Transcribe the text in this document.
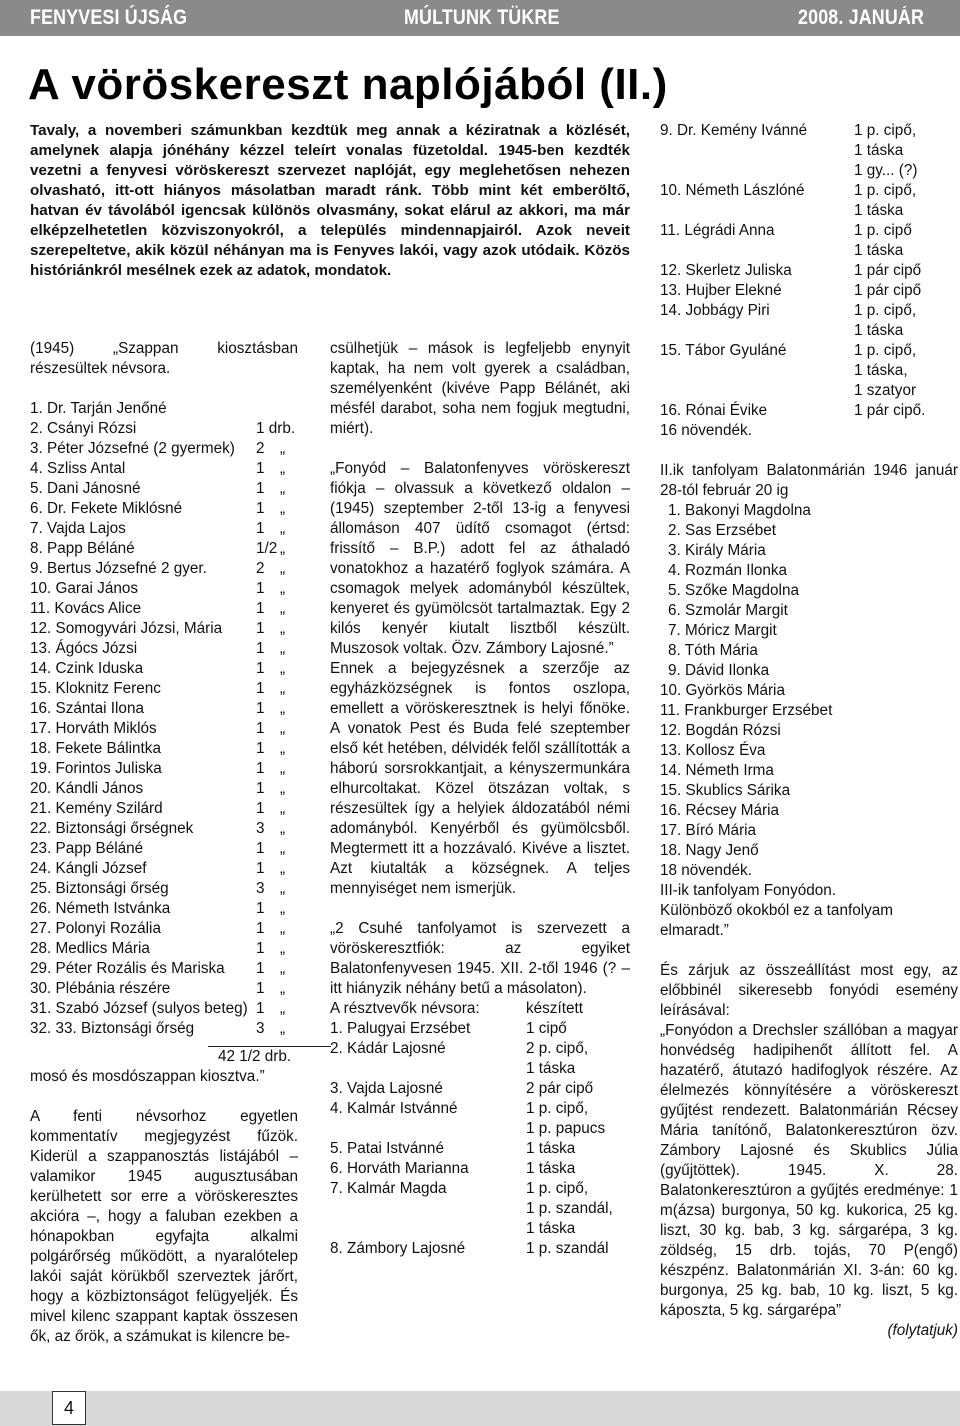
FENYVESI ÚJSÁG	MÚLTUNK TÜKRE	2008. JANUÁR
A vöröskereszt naplójából (II.)

Tavaly, a novemberi számunkban kezdtük meg annak a kéziratnak a közlését, amelynek alapja jónéhány kézzel teleírt vonalas füzetoldal. 1945-ben kezdték vezetni a fenyvesi vöröskereszt szervezet naplóját, egy meglehetősen nehezen olvasható, itt-ott hiányos másolatban maradt ránk. Több mint két emberöltő, hatvan év távolából igencsak különös olvasmány, sokat elárul az akkori, ma már elképzelhetetlen közviszonyokról, a település mindennapjairól. Azok neveit szerepeltetve, akik közül néhányan ma is Fenyves lakói, vagy azok utódaik. Közös históriánkról mesélnek ezek az adatok, mondatok.

(1945) „Szappan kiosztásban részesültek névsora.

1. Dr. Tarján Jenőné
2. Csányi Rózsi	1 drb.
3. Péter Józsefné (2 gyermek) 2 „
4. Szliss Antal	1 „
5. Dani Jánosné	1 „
6. Dr. Fekete Miklósné	1 „
7. Vajda Lajos	1 „
8. Papp Béláné	1/2 „
9. Bertus Józsefné 2 gyer.	2 „
10. Garai János	1 „
11. Kovács Alice	1 „
12. Somogyvári Józsi, Mária 1 „
13. Ágócs Józsi	1 „
14. Czink Iduska	1 „
15. Kloknitz Ferenc	1 „
16. Szántai Ilona	1 „
17. Horváth Miklós	1 „
18. Fekete Bálintka	1 „
19. Forintos Juliska	1 „
20. Kándli János	1 „
21. Kemény Szilárd	1 „
22. Biztonsági őrségnek	3 „
23. Papp Béláné	1 „
24. Kángli József	1 „
25. Biztonsági őrség	3 „
26. Németh Istvánka	1 „
27. Polonyi Rozália	1 „
28. Medlics Mária	1 „
29. Péter Rozális és Mariska 1 „
30. Plébánia részére	1 „
31. Szabó József (sulyos beteg) 1 „
32. 33. Biztonsági őrség	3 „
42 1/2 drb.

mosó és mosdószappan kiosztva.”

A fenti névsorhoz egyetlen kommentatív megjegyzést fűzök. Kiderül a szappanosztás listájából – valamikor 1945 augusztusában kerülhetett sor erre a vöröskeresztes akcióra –, hogy a faluban ezekben a hónapokban egyfajta alkalmi polgárőrség működött, a nyaralótelep lakói saját körükből szerveztek járőrt, hogy a közbiztonságot felügyeljék. És mivel kilenc szappant kaptak összesen ők, az őrök, a számukat is kilencre be-

csülhetjük – mások is legfeljebb enynyit kaptak, ha nem volt gyerek a családban, személyenként (kivéve Papp Bélánét, aki mésfél darabot, soha nem fogjuk megtudni, miért).

„Fonyód – Balatonfenyves vöröskereszt fiókja – olvassuk a következő oldalon – (1945) szeptember 2-től 13-ig a fenyvesi állomáson 407 üdítő csomagot (értsd: frissítő – B.P.) adott fel az áthaladó vonatokhoz a hazatérő foglyok számára. A csomagok melyek adományból készültek, kenyeret és gyümölcsöt tartalmaztak. Egy 2 kilós kenyér kiutalt lisztből készült. Muszosok voltak. Özv. Zámbory Lajosné.”

Ennek a bejegyzésnek a szerzője az egyházközségnek is fontos oszlopa, emellett a vöröskeresztnek is helyi főnöke. A vonatok Pest és Buda felé szeptember első két hetében, délvidék felől szállították a háború sorsrokkantjait, a kényszermunkára elhurcoltakat. Közel ötszázan voltak, s részesültek így a helyiek áldozatából némi adományból. Kenyérből és gyümölcsből. Megtermett itt a hozzávaló. Kivéve a lisztet. Azt kiutalták a községnek. A teljes mennyiséget nem ismerjük.

„2 Csuhé tanfolyamot is szervezett a vöröskeresztfiók: az egyiket Balatonfenyvesen 1945. XII. 2-től 1946 (? – itt hiányzik néhány betű a másolaton).

A résztvevők névsora:	készített
1. Palugyai Erzsébet	1 cipő
2. Kádár Lajosné	2 p. cipő,
1 táska
3. Vajda Lajosné	2 pár cipő
4. Kalmár Istvánné	1 p. cipő,
1 p. papucs
5. Patai Istvánné	1 táska
6. Horváth Marianna	1 táska
7. Kalmár Magda	1 p. cipő,
1 p. szandál,
1 táska
8. Zámbory Lajosné	1 p. szandál
9. Dr. Kemény Ivánné	1 p. cipő,
1 táska
1 gy... (?)
10. Németh Lászlóné	1 p. cipő,
1 táska
11. Légrádi Anna	1 p. cipő
1 táska
12. Skerletz Juliska	1 pár cipő
13. Hujber Elekné	1 pár cipő
14. Jobbágy Piri	1 p. cipő,
1 táska
15. Tábor Gyuláné	1 p. cipő,
1 táska,
1 szatyor
16. Rónai Évike	1 pár cipő.

16 növendék.

II.ik tanfolyam Balatonmárián 1946 január 28-tól február 20 ig

1. Bakonyi Magdolna
2. Sas Erzsébet
3. Király Mária
4. Rozmán Ilonka
5. Szőke Magdolna
6. Szmolár Margit
7. Móricz Margit
8. Tóth Mária
9. Dávid Ilonka
10. Györkös Mária
11. Frankburger Erzsébet
12. Bogdán Rózsi
13. Kollosz Éva
14. Németh Irma
15. Skublics Sárika
16. Récsey Mária
17. Bíró Mária
18. Nagy Jenő

18 növendék.

III-ik tanfolyam Fonyódon.

Különböző okokból ez a tanfolyam elmaradt.”

És zárjuk az összeállítást most egy, az előbbinél sikeresebb fonyódi esemény leírásával:

„Fonyódon a Drechsler szállóban a magyar honvédség hadipihenőt állított fel. A hazatérő, átutazó hadifoglyok részére. Az élelmezés könnyítésére a vöröskereszt gyűjtést rendezett. Balatonmárián Récsey Mária tanítónő, Balatonkeresztúron özv. Zámbory Lajosné és Skublics Júlia (gyűjtöttek). 1945. X. 28. Balatonkeresztúron a gyűjtés eredménye: 1 m(ázsa) burgonya, 50 kg. kukorica, 25 kg. liszt, 30 kg. bab, 3 kg. sárgarépa, 3 kg. zöldség, 15 drb. tojás, 70 P(engő) készpénz. Balatonmárián XI. 3-án: 60 kg. burgonya, 25 kg. bab, 10 kg. liszt, 5 kg. káposzta, 5 kg. sárgarépa”

(folytatjuk)

4
